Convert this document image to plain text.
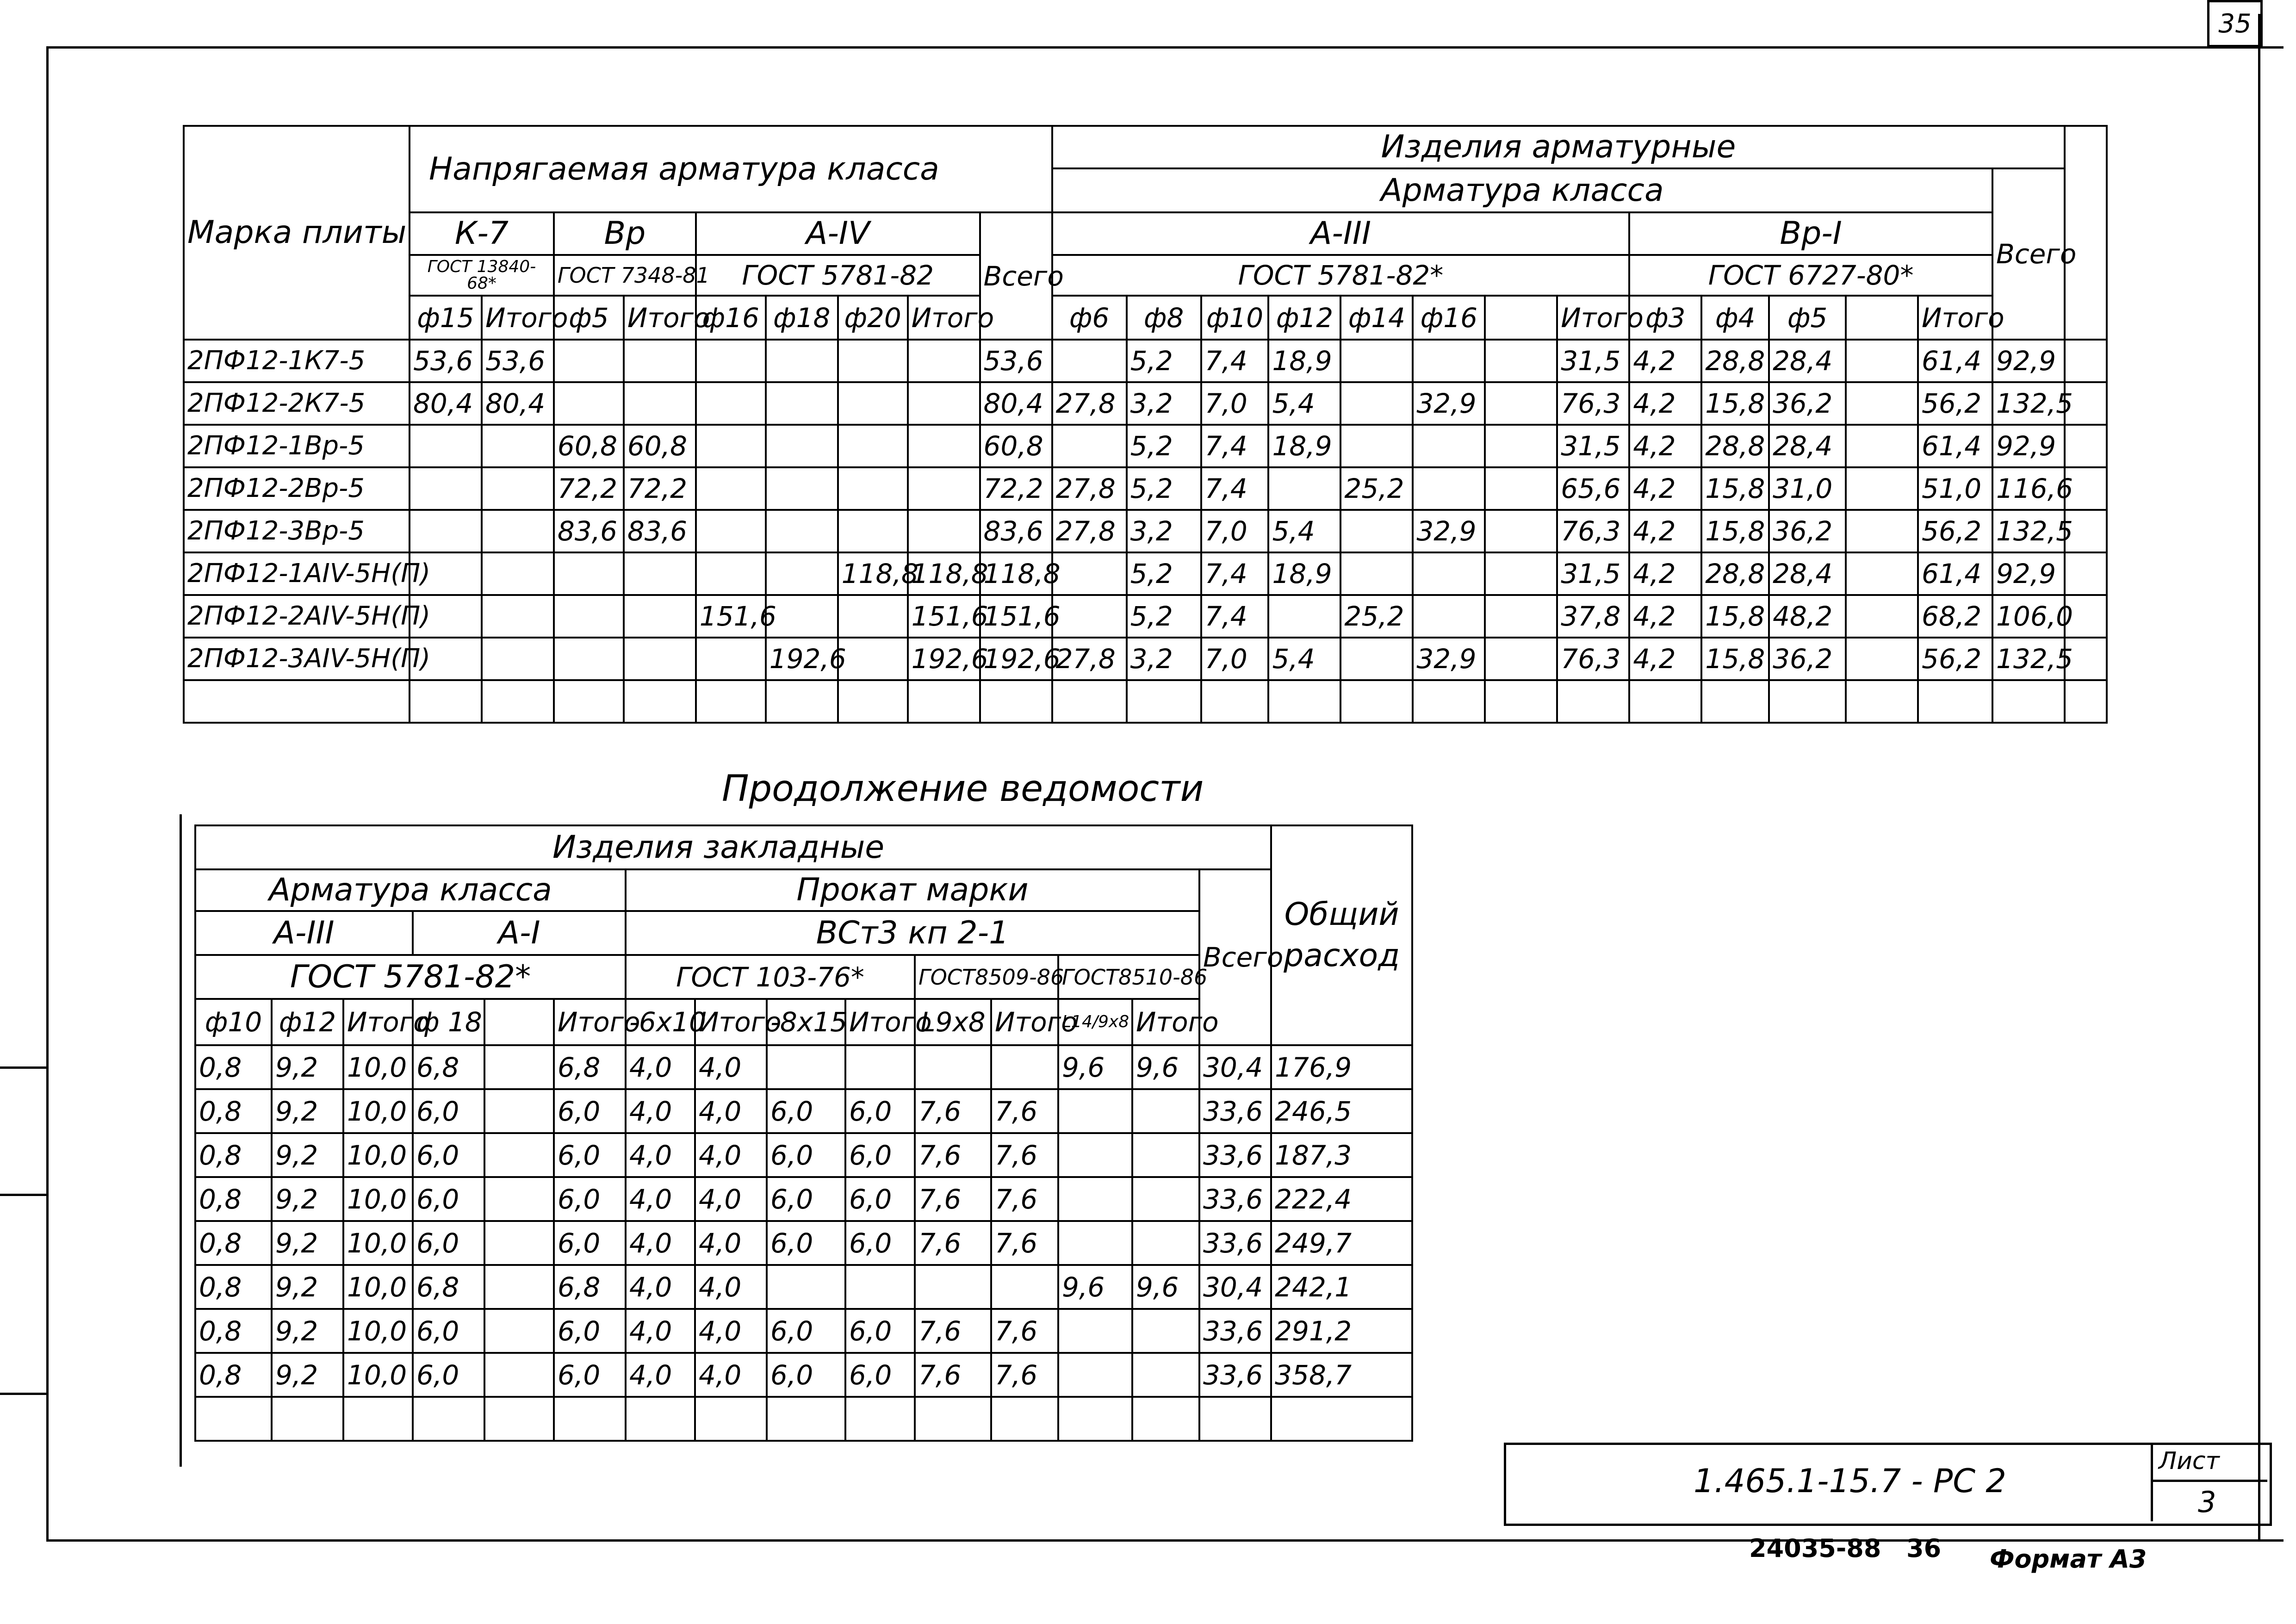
35
Марка плиты	Напрягаемая арматура класса									Изделия арматурные														
										Арматура класса													Всего	
	К-7		Вр		А-IV				Всего	А-III								Вр-I						
	ГОСТ 13840-68*		ГОСТ 7348-81		ГОСТ 5781-82					ГОСТ 5781-82*								ГОСТ 6727-80*						
	ф15	Итого	ф5	Итого	ф16	ф18	ф20	Итого		ф6	ф8	ф10	ф12	ф14	ф16		Итого	ф3	ф4	ф5		Итого		
2ПФ12-1К7-5	53,6	53,6							53,6		5,2	7,4	18,9				31,5	4,2	28,8	28,4		61,4	92,9	
2ПФ12-2К7-5	80,4	80,4							80,4	27,8	3,2	7,0	5,4		32,9		76,3	4,2	15,8	36,2		56,2	132,5	
2ПФ12-1Вр-5			60,8	60,8					60,8		5,2	7,4	18,9				31,5	4,2	28,8	28,4		61,4	92,9	
2ПФ12-2Вр-5			72,2	72,2					72,2	27,8	5,2	7,4		25,2			65,6	4,2	15,8	31,0		51,0	116,6	
2ПФ12-3Вр-5			83,6	83,6					83,6	27,8	3,2	7,0	5,4		32,9		76,3	4,2	15,8	36,2		56,2	132,5	
2ПФ12-1АIV-5Н(П)							118,8	118,8	118,8		5,2	7,4	18,9				31,5	4,2	28,8	28,4		61,4	92,9	
2ПФ12-2АIV-5Н(П)					151,6			151,6	151,6		5,2	7,4		25,2			37,8	4,2	15,8	48,2		68,2	106,0	
2ПФ12-3АIV-5Н(П)						192,6		192,6	192,6	27,8	3,2	7,0	5,4		32,9		76,3	4,2	15,8	36,2		56,2	132,5	

Продолжение ведомости
Изделия закладные															Общий расход
Арматура класса						Прокат марки								Всего	
А-III			А-I			ВСт3 кп 2-1									
ГОСТ 5781-82*						ГОСТ 103-76*				ГОСТ8509-86		ГОСТ8510-86			
ф10	ф12	Итого	ф 18		Итого	-6х10	Итого	-8х15	Итого	L9х8	Итого	L14/9х8	Итого		
0,8	9,2	10,0	6,8		6,8	4,0	4,0					9,6	9,6	30,4	176,9
0,8	9,2	10,0	6,0		6,0	4,0	4,0	6,0	6,0	7,6	7,6			33,6	246,5
0,8	9,2	10,0	6,0		6,0	4,0	4,0	6,0	6,0	7,6	7,6			33,6	187,3
0,8	9,2	10,0	6,0		6,0	4,0	4,0	6,0	6,0	7,6	7,6			33,6	222,4
0,8	9,2	10,0	6,0		6,0	4,0	4,0	6,0	6,0	7,6	7,6			33,6	249,7
0,8	9,2	10,0	6,8		6,8	4,0	4,0					9,6	9,6	30,4	242,1
0,8	9,2	10,0	6,0		6,0	4,0	4,0	6,0	6,0	7,6	7,6			33,6	291,2
0,8	9,2	10,0	6,0		6,0	4,0	4,0	6,0	6,0	7,6	7,6			33,6	358,7

1.465.1-15.7 - РС 2
Лист
3
24035-88 36 Формат А3
